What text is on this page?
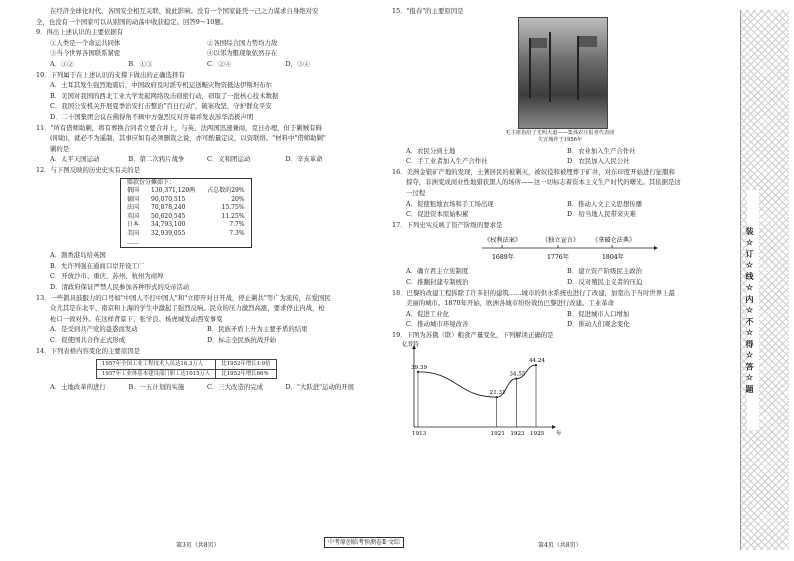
在经济全球化时代，各国安全相互关联、彼此影响。没有一个国家能凭一己之力谋求自身绝对安

全，也没有一个国家可以从别国的动荡中收获稳定。回答9～10题。

9．得出上述认识的主要依据有

①人类是一个命运共同体	②各国综合国力势均力敌
③当今世界各国联系紧密	④以邻为壑现象依然存在
A．①②	B．①③	C．②④	D．③④

10．下列属于在上述认识的支撑下做出的正确选择有

A．土耳其发生强烈地震后，中国政府及时派专机运送赈灾物资抵达伊斯坦布尔

B．美国对我国的西北工业大学发起网络攻击窃密行动，窃取了一批核心技术数据

C．我国公安机关开展夏季治安打击整治"百日行动"，破案攻坚，守护群众平安

D．二十国集团会议在佛得角不顾中方强烈反对开幕并发表涉华消极声明

11．"所有借师助剿，将有葬换合同者立要合并上，与英、法两国迅速兼商，克日办理，但于剿贼有碍

(抑助)，就必不为遥制，其事应如有必须删裁之说，亦可酌量定议，以资联络。"材料中"借师助剿"

剿的是

A．太平天国运动	B．第二次鸦片战争	C．义和团运动	D．辛亥革命

12．与下图反映的历史史实有关的是

赔款份分摊如下：		
俄国	130,371,120两	占总数的29%
德国	90,070,515	20%
法国	70,878,240	15.75%
英国	50,620,545	11.25%
日本	34,793,100	7.7%
美国	32,939,055	7.3%
……		

A．割香港岛给英国

B．允许列强在通商口岸开设工厂

C．开放沙市、重庆、苏州、杭州为商埠

D．清政府保证严禁人民参加各种形式的反帝活动

13．一些鹊具鼓服力的口号如"中国人不打中国人"和"立即开对日开战，停止剿共"等广为流传，在爱国民

众尤其是在北平、南京和上海的学生中激起了强烈反响。民众的压力激烈高涨，要求停止内战，枪

枪口一致对外。在这样背景下，张学良、杨虎城发动西安事变

A．是受到共产党的蛊惑而发动	B．民族矛盾上升为主要矛盾的结果
C．促使国共合作正式形成	D．标志全民族抗战开始

14．下列表格内容变化的主要原因是

1957年全国工业工程技术人员达16.3万人	比1952年增长1.9倍
1957年工业体基本建设部门职工达1015万人	比1952年增长66%
A．土地改革的进行	B．一五计划的实施	C．三大改造的完成	D．"大跃进"运动的开展

15．"报春"的主要原因是

毛主席指给了光明大道——集体农庄报喜代表团
失宣城作于1956年
A．农民分到土地	B．农业加入生产合作社
C．手工业者加入生产合作社	D．农民加入人民公社

16．美洲金银矿产地的发现，土著居民的被剿灭，被奴役和被埋葬于矿井，对东印度开始进行征服和

掠夺，非洲变成商业性地猎获黑人的场所——这一切标志着资本主义生产时代的曙光。其依据是这

一过程

A．促使租地农场和手工场出现	B．推动人文主义思想传播
C．促进资本原始积累	D．给当地人民带来灾难

17．下列史实反映了资产阶级的要求是

《权利法案》	《独立宣言》 《拿破仑法典》
1689年	1776年	1804年
A．确立君主立宪制度	B．建立资产阶级民主政治
C．推翻封建专制统治	D．反对殖民主义者的压迫

18．巴黎的改建工程拆除了许多旧的建筑……城市的供水系统也进行了改建，加宽出于当时世界上最

美丽的城市。1870年开始，欧洲各城市纷纷效仿巴黎进行改建。工业革命

A．促进工业化	B．促进城市人口增加
C．推动城市环境改善	D．推动人们观念变化

19．下图为苏俄（联）粮食产量变化，下列解读正确的是

亿普特
年
39.39
1913
21.31
1921
34.55
1923
44.24
1925
第3页（共8页）	中考原创临考预测卷Ⅱ·文综	第4页（共8页）
装 ☆ 订 ☆ 线 ☆ 内 ☆ 不 ☆ 得 ☆ 答 ☆ 题
